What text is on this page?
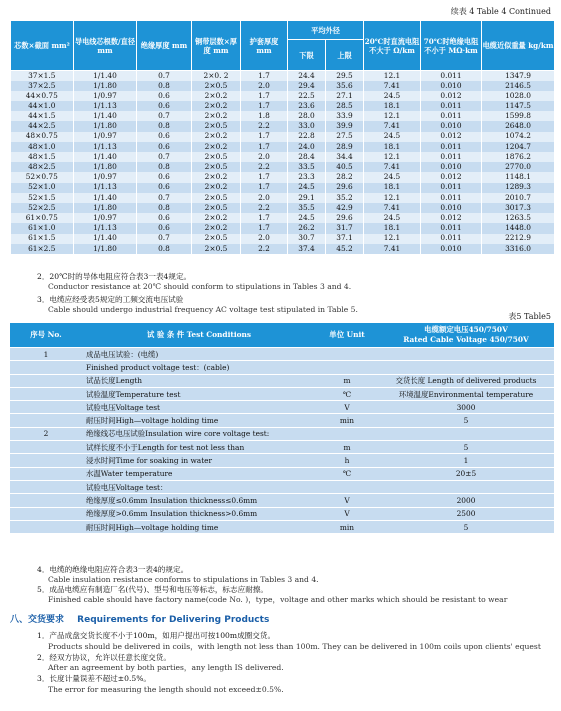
续表 4 Table 4 Continued
芯数×截面 mm²	导电线芯根数/直径 mm	绝缘厚度 mm	铜带层数×厚度 mm	护套厚度 mm	平均外径		20℃时直流电阻不大于 Ω/km	70℃时绝缘电阻不小于 MΩ·km	电缆近似重量 kg/km
					下限	上限			
37×1.5	1/1.40	0.7	2×0. 2	1.7	24.4	29.5	12.1	0.011	1347.9
37×2.5	1/1.80	0.8	2×0.5	2.0	29.4	35.6	7.41	0.010	2146.5
44×0.75	1/0.97	0.6	2×0.2	1.7	22.5	27.1	24.5	0.012	1028.0
44×1.0	1/1.13	0.6	2×0.2	1.7	23.6	28.5	18.1	0.011	1147.5
44×1.5	1/1.40	0.7	2×0.2	1.8	28.0	33.9	12.1	0.011	1599.8
44×2.5	1/1.80	0.8	2×0.5	2.2	33.0	39.9	7.41	0.010	2648.0
48×0.75	1/0.97	0.6	2×0.2	1.7	22.8	27.5	24.5	0.012	1074.2
48×1.0	1/1.13	0.6	2×0.2	1.7	24.0	28.9	18.1	0.011	1204.7
48×1.5	1/1.40	0.7	2×0.5	2.0	28.4	34.4	12.1	0.011	1876.2
48×2.5	1/1.80	0.8	2×0.5	2.2	33.5	40.5	7.41	0.010	2770.0
52×0.75	1/0.97	0.6	2×0.2	1.7	23.3	28.2	24.5	0.012	1148.1
52×1.0	1/1.13	0.6	2×0.2	1.7	24.5	29.6	18.1	0.011	1289.3
52×1.5	1/1.40	0.7	2×0.5	2.0	29.1	35.2	12.1	0.011	2010.7
52×2.5	1/1.80	0.8	2×0.5	2.2	35.5	42.9	7.41	0.010	3017.3
61×0.75	1/0.97	0.6	2×0.2	1.7	24.5	29.6	24.5	0.012	1263.5
61×1.0	1/1.13	0.6	2×0.2	1.7	26.2	31.7	18.1	0.011	1448.0
61×1.5	1/1.40	0.7	2×0.5	2.0	30.7	37.1	12.1	0.011	2212.9
61×2.5	1/1.80	0.8	2×0.5	2.2	37.4	45.2	7.41	0.010	3316.0
2．20℃时的导体电阻应符合表3一表4规定。
Conductor resistance at 20℃ should conform to stipulations in Tables 3 and 4.
3．电缆应经受表5规定的工频交流电压试验
Cable should undergo industrial frequency AC voltage test stipulated in Table 5.
表5 Table5
序号 No.	试 验 条 件 Test Conditions	单位 Unit	电缆额定电压450/750V
Rated Cable Voltage 450/750V

1	成品电压试验：(电缆)		
	Finished product voltage test：(cable)		
	试品长度Length	m	交货长度 Length of delivered products
	试验温度Temperature test	℃	环境温度Environmental temperature
	试验电压Voltage test	V	3000
	耐压时间High—voltage holding time	min	5
2	绝缘线芯电压试验Insulation wire core voltage test:		
	试样长度不小于Length for test not less than	m	5
	浸水时间Time for soaking in water	h	1
	水温Water temperature	℃	20±5
	试验电压Voltage test：		
	绝缘厚度≤0.6mm Insulation thickness≤0.6mm	V	2000
	绝缘厚度>0.6mm Insulation thickness>0.6mm	V	2500
	耐压时间High—voltage holding time	min	5
4．电缆的绝缘电阻应符合表3一表4的规定。
Cable insulation resistance conforms to stipulations in Tables 3 and 4.
5．成品电缆应有制造厂名(代号)、型号和电压等标志，标志应耐擦。
Finished cable should have factory name(code No. )，type，voltage and other marks which should be resistant to wear
八、交货要求 Requirements for Delivering Products
1．产品成盘交货长度不小于100m，如用户提出可按100m成圈交货。
Products should be delivered in coils，with length not less than 100m. They can be delivered in 100m coils upon clients' equest
2．经双方协议，允许以任意长度交货。
After an agreement by both parties，any length IS delivered.
3．长度计量误差不超过±0.5%。
The error for measuring the length should not exceed±0.5%.
